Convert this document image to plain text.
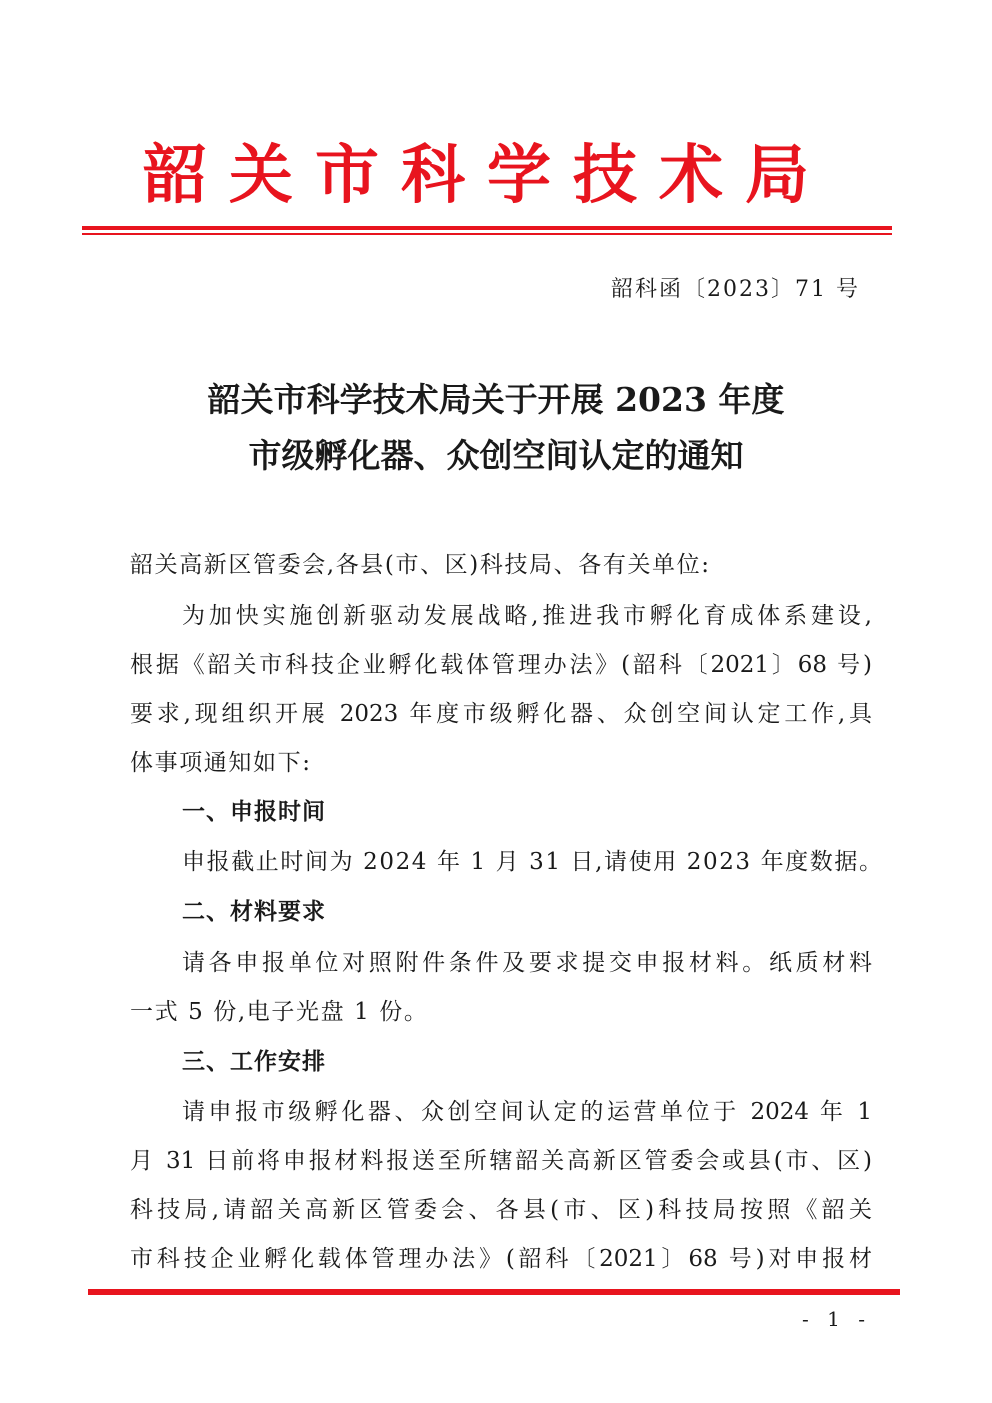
韶关市科学技术局
韶科函〔2023〕71 号
韶关市科学技术局关于开展 2023 年度
市级孵化器、众创空间认定的通知
韶关高新区管委会,各县(市、区)科技局、各有关单位:
为加快实施创新驱动发展战略,推进我市孵化育成体系建设,
根据《韶关市科技企业孵化载体管理办法》(韶科〔2021〕68 号)
要求,现组织开展 2023 年度市级孵化器、众创空间认定工作,具
体事项通知如下:
一、申报时间
申报截止时间为 2024 年 1 月 31 日,请使用 2023 年度数据。
二、材料要求
请各申报单位对照附件条件及要求提交申报材料。纸质材料
一式 5 份,电子光盘 1 份。
三、工作安排
请申报市级孵化器、众创空间认定的运营单位于 2024 年 1
月 31 日前将申报材料报送至所辖韶关高新区管委会或县(市、区)
科技局,请韶关高新区管委会、各县(市、区)科技局按照《韶关
市科技企业孵化载体管理办法》(韶科〔2021〕68 号)对申报材
- 1 -
